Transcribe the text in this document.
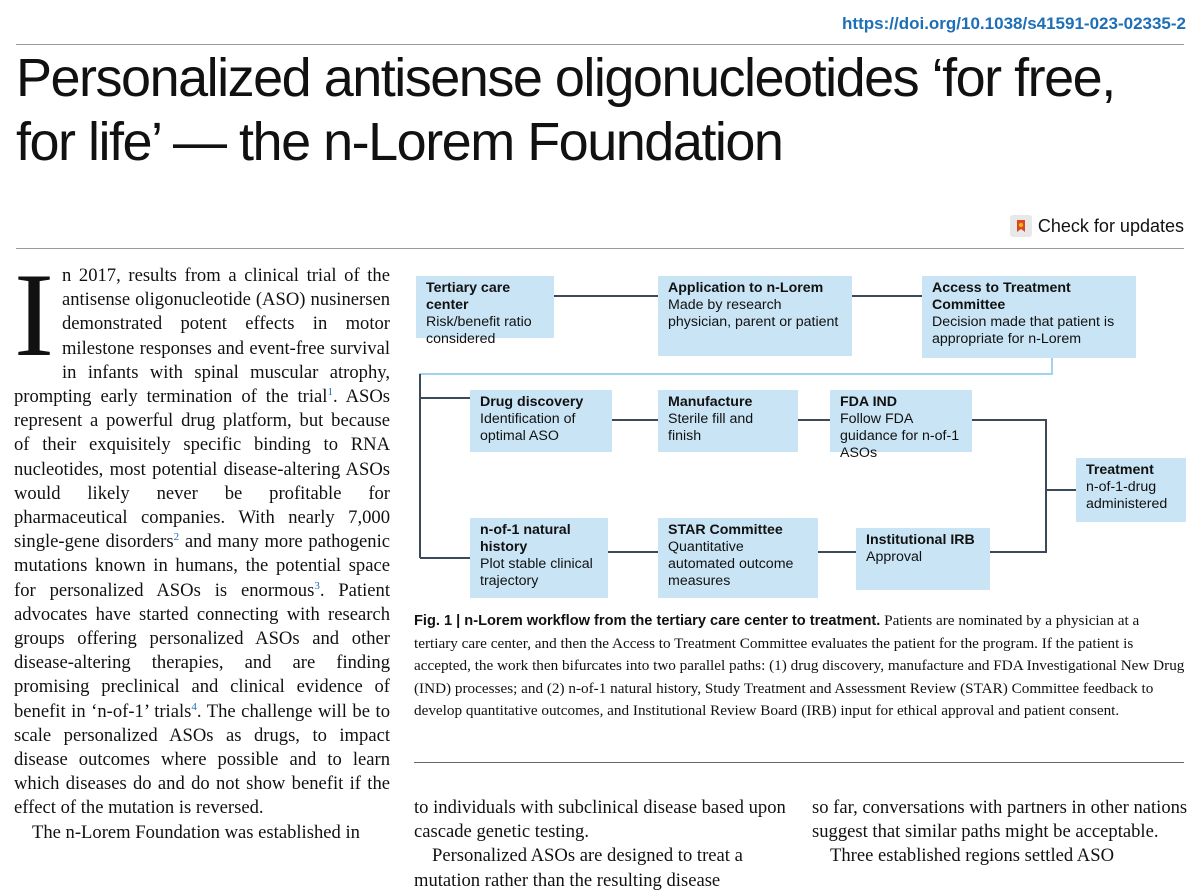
https://doi.org/10.1038/s41591-023-02335-2
Personalized antisense oligonucleotides ‘for free, for life’ — the n-Lorem Foundation
Check for updates

In 2017, results from a clinical trial of the antisense oligonucleotide (ASO) nusinersen demonstrated potent effects in motor milestone responses and event-free survival in infants with spinal muscular atrophy, prompting early termination of the trial$^1$. ASOs represent a powerful drug platform, but because of their exquisitely specific binding to RNA nucleotides, most potential disease-altering ASOs would likely never be profitable for pharmaceutical companies. With nearly 7,000 single-gene disorders$^2$ and many more pathogenic mutations known in humans, the potential space for personalized ASOs is enormous$^3$. Patient advocates have started connecting with research groups offering personalized ASOs and other disease-altering therapies, and are finding promising preclinical and clinical evidence of benefit in ‘n-of-1’ trials$^4$. The challenge will be to scale personalized ASOs as drugs, to impact disease outcomes where possible and to learn which diseases do and do not show benefit if the effect of the mutation is reversed.
The n-Lorem Foundation was established in

Tertiary care center
Risk/benefit ratio considered
Application to n-Lorem
Made by research physician, parent or patient
Access to Treatment Committee
Decision made that patient is appropriate for n-Lorem
Drug discovery
Identification of optimal ASO
Manufacture
Sterile fill and finish
FDA IND
Follow FDA guidance for n-of-1 ASOs
Treatment
n-of-1-drug administered
n-of-1 natural history
Plot stable clinical trajectory
STAR Committee
Quantitative automated outcome measures
Institutional IRB
Approval

Fig. 1 | n-Lorem workflow from the tertiary care center to treatment. Patients are nominated by a physician at a tertiary care center, and then the Access to Treatment Committee evaluates the patient for the program. If the patient is accepted, the work then bifurcates into two parallel paths: (1) drug discovery, manufacture and FDA Investigational New Drug (IND) processes; and (2) n-of-1 natural history, Study Treatment and Assessment Review (STAR) Committee feedback to develop quantitative outcomes, and Institutional Review Board (IRB) input for ethical approval and patient consent.

to individuals with subclinical disease based upon cascade genetic testing.
Personalized ASOs are designed to treat a mutation rather than the resulting disease

so far, conversations with partners in other nations suggest that similar paths might be acceptable.
Three established regions settled ASO
